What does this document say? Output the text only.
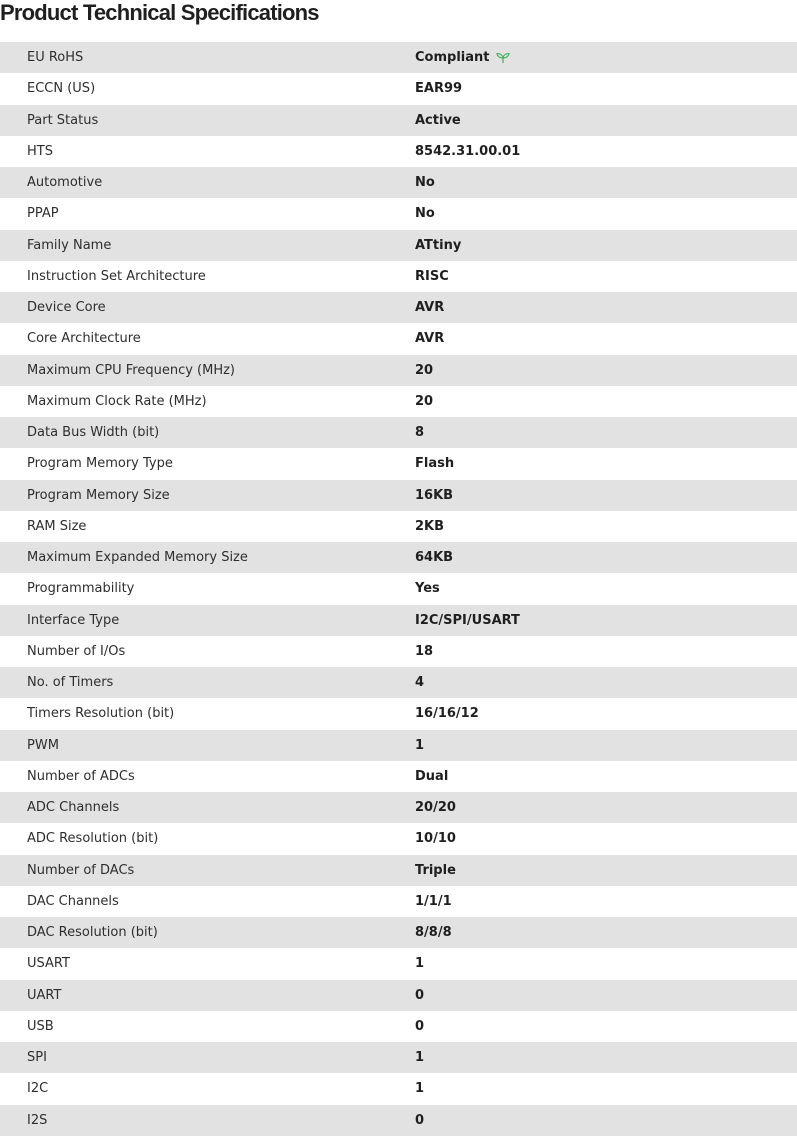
Product Technical Specifications
EU RoHS	Compliant
ECCN (US)	EAR99
Part Status	Active
HTS	8542.31.00.01
Automotive	No
PPAP	No
Family Name	ATtiny
Instruction Set Architecture	RISC
Device Core	AVR
Core Architecture	AVR
Maximum CPU Frequency (MHz)	20
Maximum Clock Rate (MHz)	20
Data Bus Width (bit)	8
Program Memory Type	Flash
Program Memory Size	16KB
RAM Size	2KB
Maximum Expanded Memory Size	64KB
Programmability	Yes
Interface Type	I2C/SPI/USART
Number of I/Os	18
No. of Timers	4
Timers Resolution (bit)	16/16/12
PWM	1
Number of ADCs	Dual
ADC Channels	20/20
ADC Resolution (bit)	10/10
Number of DACs	Triple
DAC Channels	1/1/1
DAC Resolution (bit)	8/8/8
USART	1
UART	0
USB	0
SPI	1
I2C	1
I2S	0
